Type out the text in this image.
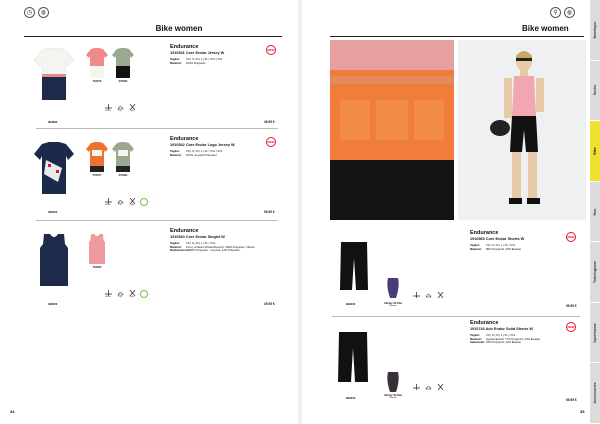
◷	◍
Bike women
994882
764679	675993
Endurance
1910541 Core Endur Jersey W
Tagliar:	XS | S | M | L | XL | XXL | 3XL
Material:	100% Polyester
NEW
Warm	Dry	Light
49.95 €
396000
572677	675994
Endurance
1910542 Core Endur Logo Jersey W
Tagliar:	XS | S | M | L | XL | XXL | 3XL
Material:	100% recycled Polyester
NEW
Warm	Dry	Light
59.95 €
396000
764000
Endurance
1910543 Core Endur Singlet W
Tagliar:	XS | S | M | L | XL | XXL
Material:	Front, schwarz Rückenbereich: 100% Polyester, Oberer
Rückenbereich: 87% Polyester - recycelt, 13% Polyester
Warm	Dry	Light
39.95 €
34
⚲	◍
Bike women
999000	Infinity 3d Pad
Women
Endurance
1910565 Core Endur Shorts W
Tagliar:	XS | S | M | L | XL | XXL
Material:	80% Polyamid, 20% Elastan
NEW
59.95 €
999000
Infinity 3d Pad
Women
Endurance
1910744 Adv Endur Solid Shorts W
Tagliar:	XS | S | M | L | XL | XXL
Material:	Hauptmaterial: 77% Polyamid, 23% Elastan,
Seitenteile: 78% Polyamid, 22% Elastan
NEW
69.95 €
35
Baselayer
Socks
Bike
Run
Trainingwear
Sportswear
Accessories
